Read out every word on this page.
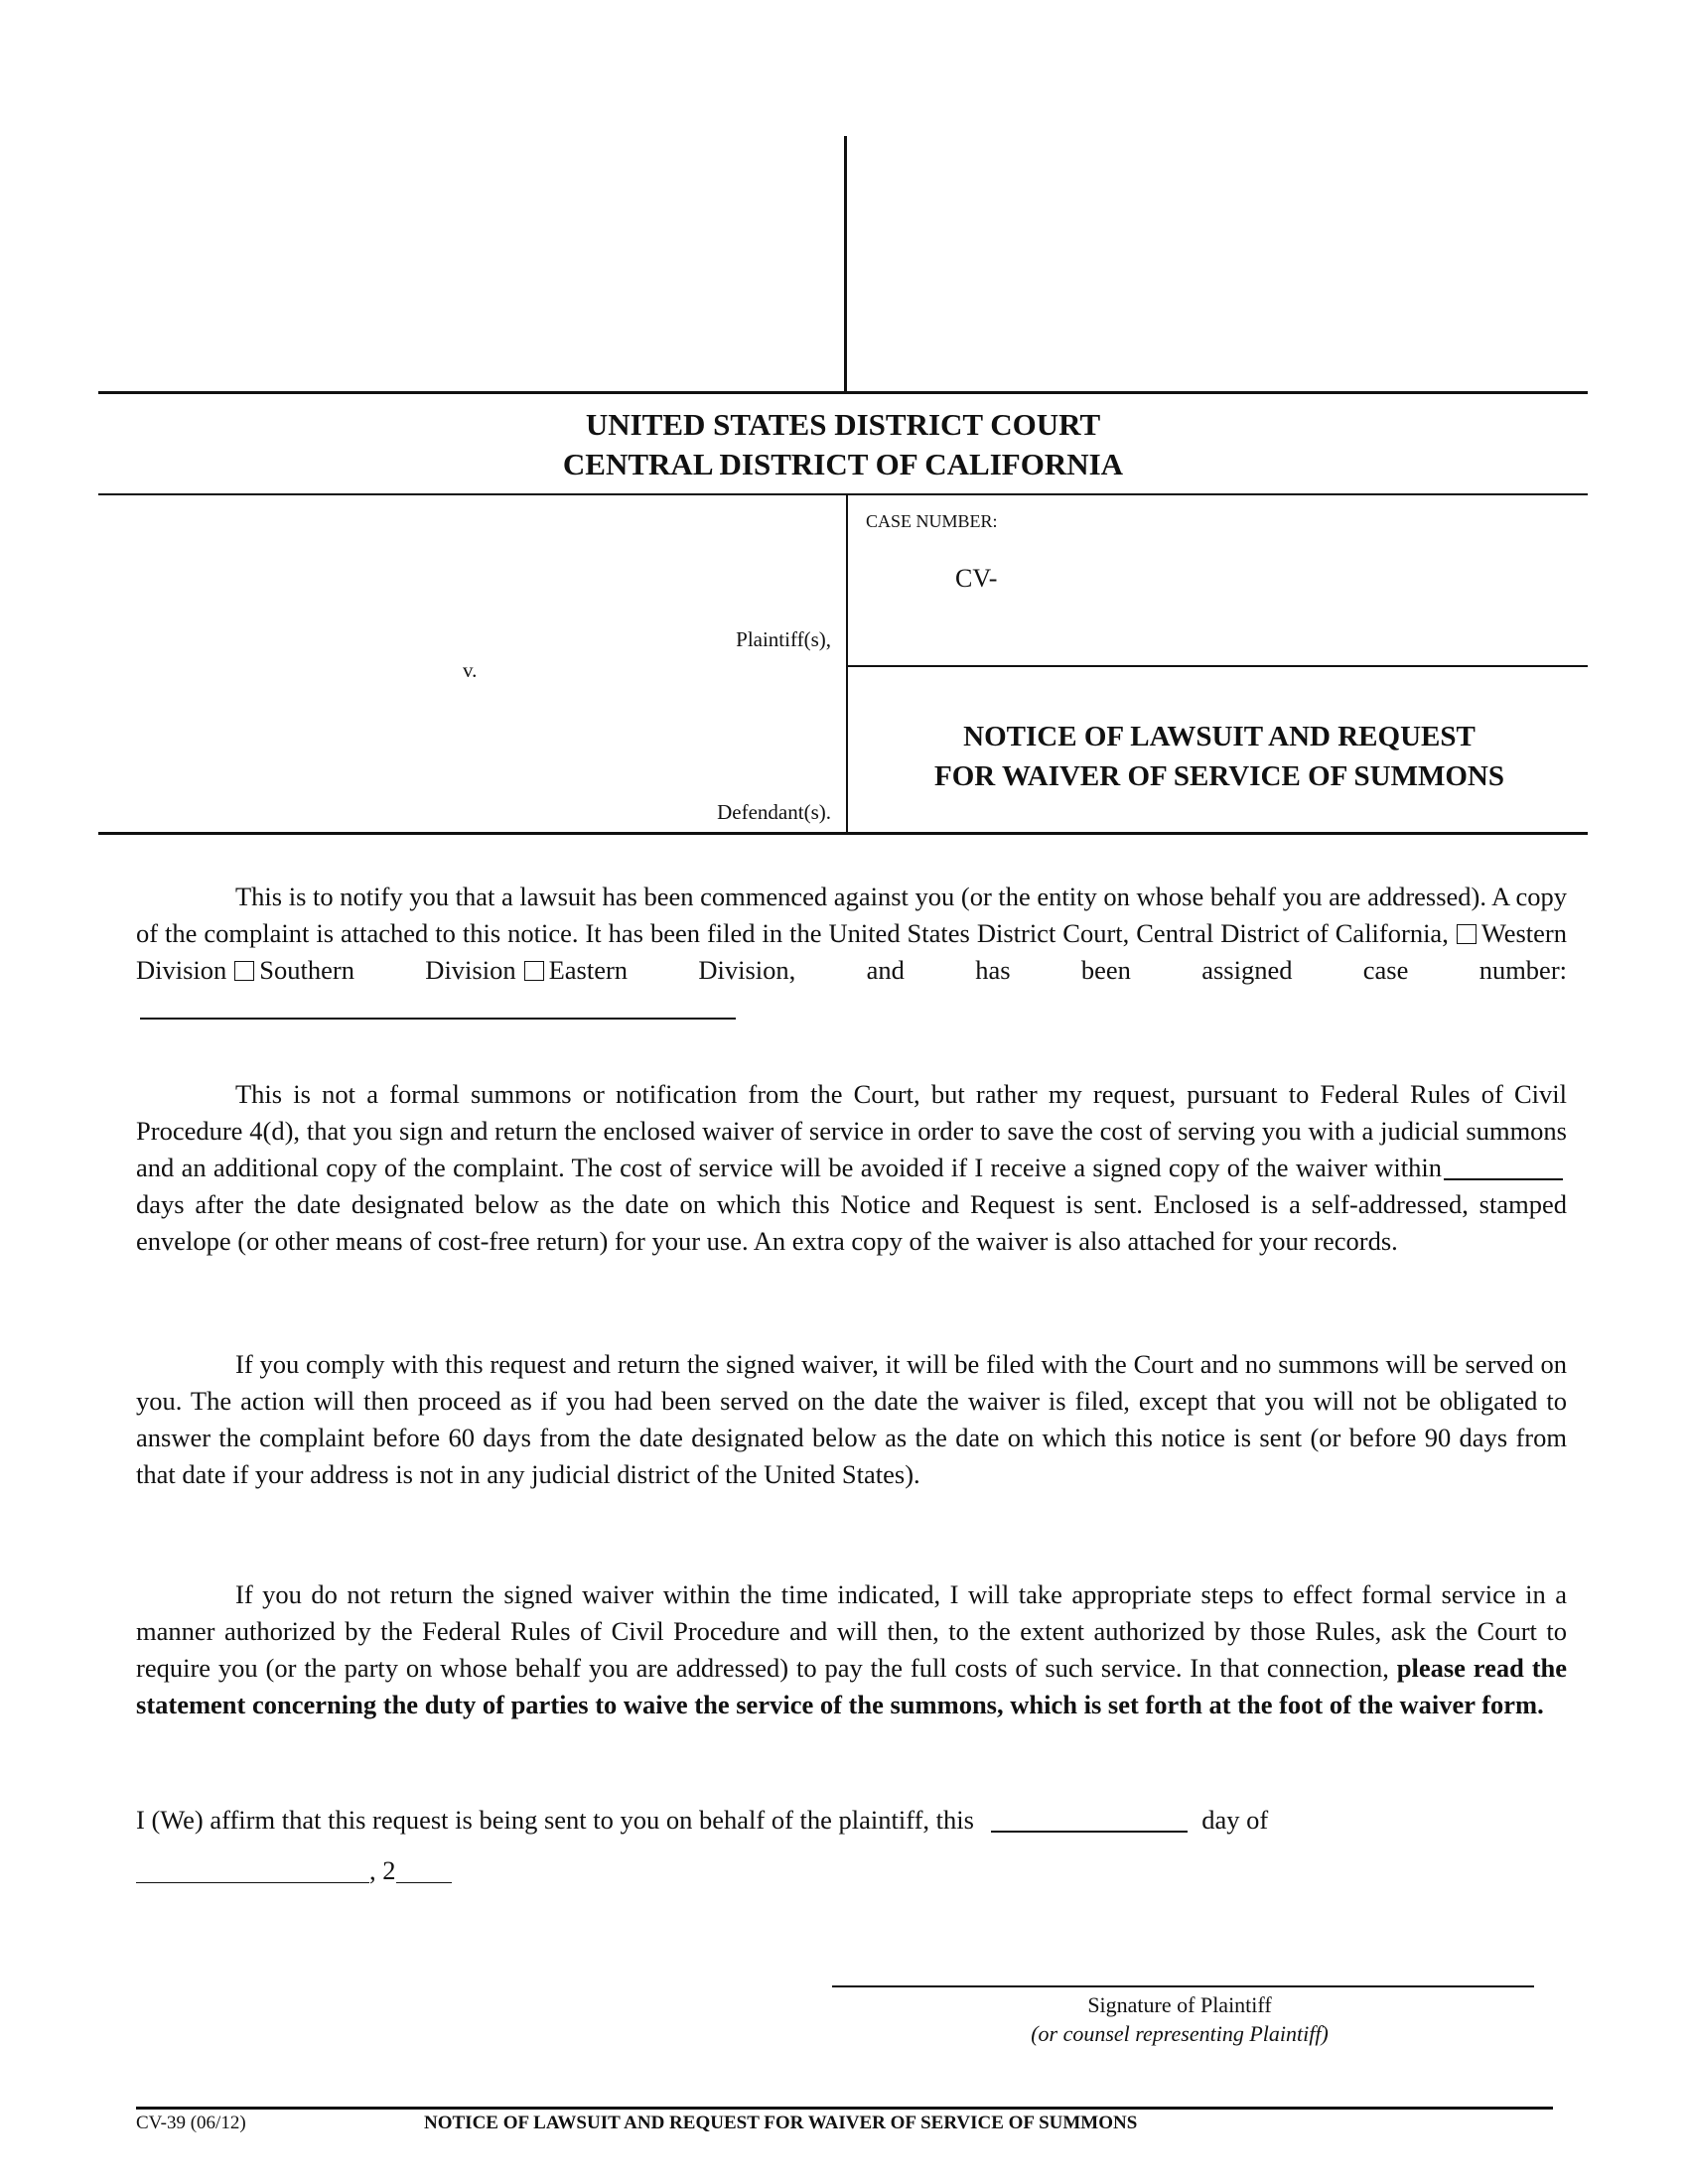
UNITED STATES DISTRICT COURT
CENTRAL DISTRICT OF CALIFORNIA
Plaintiff(s),
v.
Defendant(s).
CASE NUMBER:
CV-
NOTICE OF LAWSUIT AND REQUEST
FOR WAIVER OF SERVICE OF SUMMONS

This is to notify you that a lawsuit has been commenced against you (or the entity on whose behalf you are addressed). A copy of the complaint is attached to this notice. It has been filed in the United States District Court, Central District of California, Western Division Southern Division Eastern Division,	and has been assigned case number:

This is not a formal summons or notification from the Court, but rather my request, pursuant to Federal Rules of Civil Procedure 4(d), that you sign and return the enclosed waiver of service in order to save the cost of serving you with a judicial summons and an additional copy of the complaint. The cost of service will be avoided if I receive a signed copy of the waiver within days after the date designated below as the date on which this Notice and Request is sent. Enclosed is a self-addressed, stamped envelope (or other means of cost-free return) for your use. An extra copy of the waiver is also attached for your records.

If you comply with this request and return the signed waiver, it will be filed with the Court and no summons will be served on you. The action will then proceed as if you had been served on the date the waiver is filed, except that you will not be obligated to answer the complaint before 60 days from the date designated below as the date on which this notice is sent (or before 90 days from that date if your address is not in any judicial district of the United States).

If you do not return the signed waiver within the time indicated, I will take appropriate steps to effect formal service in a manner authorized by the Federal Rules of Civil Procedure and will then, to the extent authorized by those Rules, ask the Court to require you (or the party on whose behalf you are addressed) to pay the full costs of such service. In that connection, please read the statement concerning the duty of parties to waive the service of the summons, which is set forth at the foot of the waiver form.

I (We) affirm that this request is being sent to you on behalf of the plaintiff, this	day of
, 2
Signature of Plaintiff
(or counsel representing Plaintiff)
CV-39 (06/12)	NOTICE OF LAWSUIT AND REQUEST FOR WAIVER OF SERVICE OF SUMMONS
